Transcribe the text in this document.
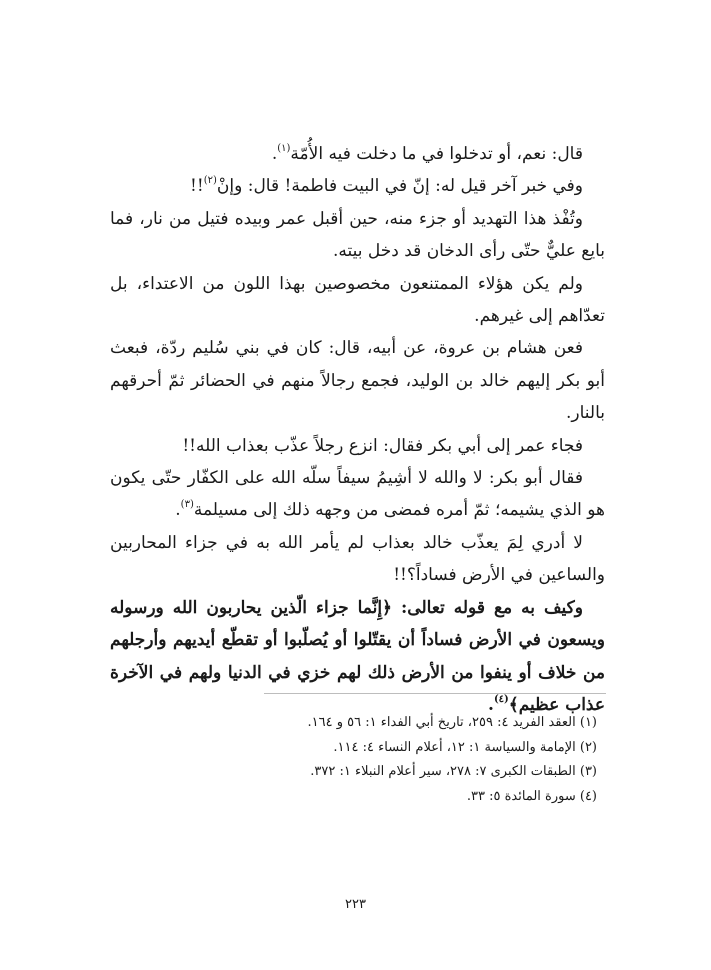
قال: نعم، أو تدخلوا في ما دخلت فيه الأُمّة$^{(١)}$.

وفي خبر آخر قيل له: إنّ في البيت فاطمة! قال: وإنْ$^{(٢)}$!!

وتُفْذ هذا التهديد أو جزء منه، حين أقبل عمر وبيده فتيل من نار، فما بايع عليٌّ حتّى رأى الدخان قد دخل بيته.

ولم يكن هؤلاء الممتنعون مخصوصين بهذا اللون من الاعتداء، بل تعدّاهم إلى غيرهم.

فعن هشام بن عروة، عن أبيه، قال: كان في بني سُليم ردّة، فبعث أبو بكر إليهم خالد بن الوليد، فجمع رجالاً منهم في الحضائر ثمّ أحرقهم بالنار.

فجاء عمر إلى أبي بكر فقال: انزع رجلاً عذّب بعذاب الله!!

فقال أبو بكر: لا والله لا أشِيمُ سيفاً سلّه الله على الكفّار حتّى يكون هو الذي يشيمه؛ ثمّ أمره فمضى من وجهه ذلك إلى مسيلمة$^{(٣)}$.

لا أدري لِمَ يعذّب خالد بعذاب لم يأمر الله به في جزاء المحاربين والساعين في الأرض فساداً؟!!

وكيف به مع قوله تعالى: ﴿إِنَّما جزاء الّذين يحاربون الله ورسوله ويسعون في الأرض فساداً أن يقتّلوا أو يُصلّبوا أو تقطّع أيديهم وأرجلهم من خلاف أو ينفوا من الأرض ذلك لهم خزي في الدنيا ولهم في الآخرة عذاب عظيم﴾$^{(٤)}$.

(١) العقد الفريد ٤: ٢٥٩، تاريخ أبي الفداء ١: ٥٦ و ١٦٤.
(٢) الإمامة والسياسة ١: ١٢، أعلام النساء ٤: ١١٤.
(٣) الطبقات الكبرى ٧: ٢٧٨، سير أعلام النبلاء ١: ٣٧٢.
(٤) سورة المائدة ٥: ٣٣.
٢٢٣
